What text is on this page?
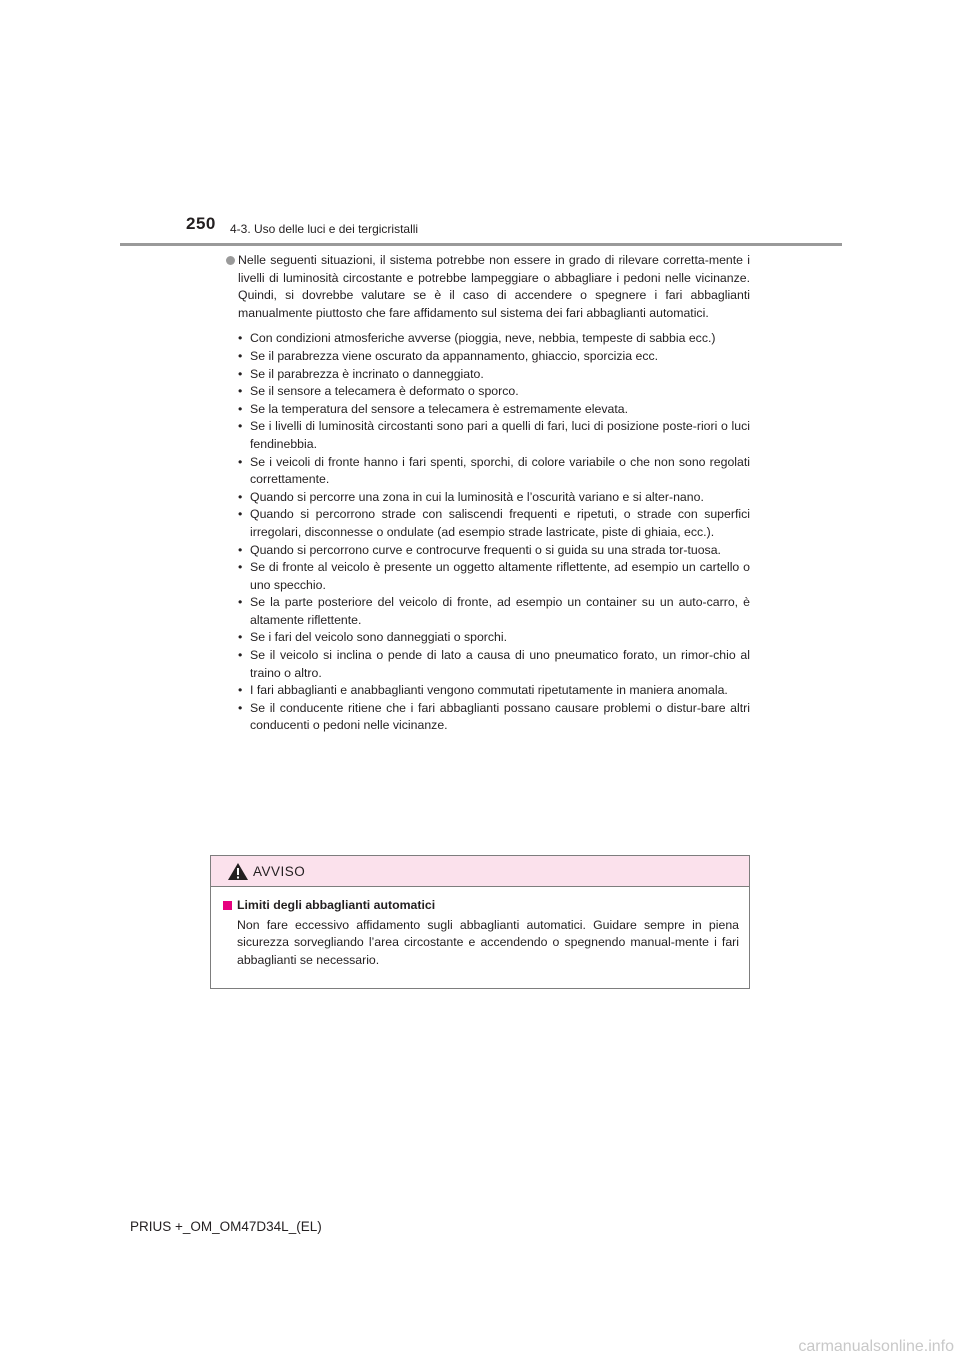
250 4-3. Uso delle luci e dei tergicristalli
Nelle seguenti situazioni, il sistema potrebbe non essere in grado di rilevare corretta-mente i livelli di luminosità circostante e potrebbe lampeggiare o abbagliare i pedoni nelle vicinanze. Quindi, si dovrebbe valutare se è il caso di accendere o spegnere i fari abbaglianti manualmente piuttosto che fare affidamento sul sistema dei fari abbaglianti automatici.
• Con condizioni atmosferiche avverse (pioggia, neve, nebbia, tempeste di sabbia ecc.)
• Se il parabrezza viene oscurato da appannamento, ghiaccio, sporcizia ecc.
• Se il parabrezza è incrinato o danneggiato.
• Se il sensore a telecamera è deformato o sporco.
• Se la temperatura del sensore a telecamera è estremamente elevata.
• Se i livelli di luminosità circostanti sono pari a quelli di fari, luci di posizione poste-riori o luci fendinebbia.
• Se i veicoli di fronte hanno i fari spenti, sporchi, di colore variabile o che non sono regolati correttamente.
• Quando si percorre una zona in cui la luminosità e l’oscurità variano e si alter-nano.
• Quando si percorrono strade con saliscendi frequenti e ripetuti, o strade con superfici irregolari, disconnesse o ondulate (ad esempio strade lastricate, piste di ghiaia, ecc.).
• Quando si percorrono curve e controcurve frequenti o si guida su una strada tor-tuosa.
• Se di fronte al veicolo è presente un oggetto altamente riflettente, ad esempio un cartello o uno specchio.
• Se la parte posteriore del veicolo di fronte, ad esempio un container su un auto-carro, è altamente riflettente.
• Se i fari del veicolo sono danneggiati o sporchi.
• Se il veicolo si inclina o pende di lato a causa di uno pneumatico forato, un rimor-chio al traino o altro.
• I fari abbaglianti e anabbaglianti vengono commutati ripetutamente in maniera anomala.
• Se il conducente ritiene che i fari abbaglianti possano causare problemi o distur-bare altri conducenti o pedoni nelle vicinanze.
AVVISO
Limiti degli abbaglianti automatici
Non fare eccessivo affidamento sugli abbaglianti automatici. Guidare sempre in piena sicurezza sorvegliando l’area circostante e accendendo o spegnendo manual-mente i fari abbaglianti se necessario.
PRIUS +_OM_OM47D34L_(EL)
carmanualsonline.info
